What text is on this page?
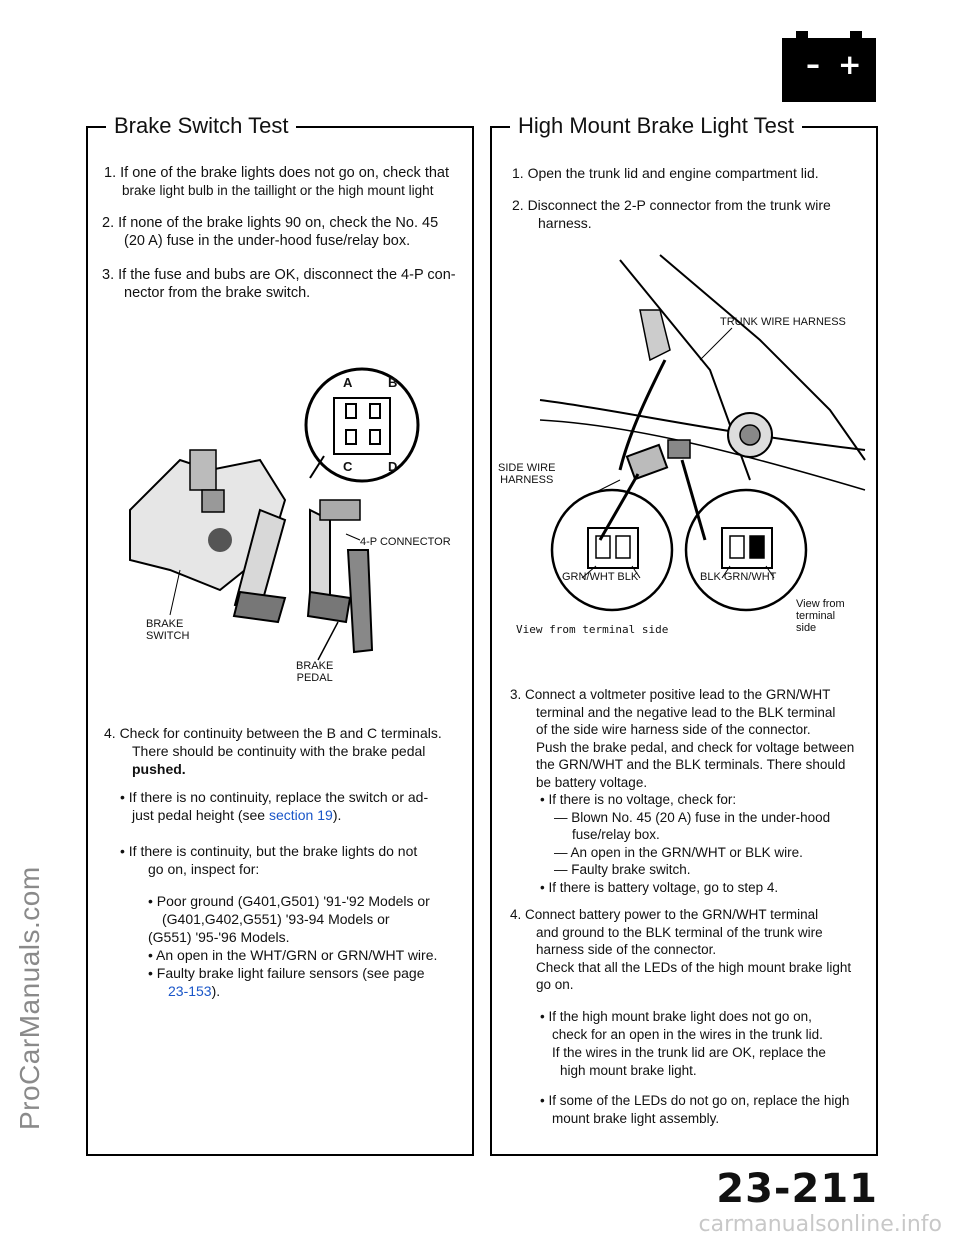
– +
ProCarManuals.com
Brake Switch Test
1. If one of the brake lights does not go on, check that
brake light bulb in the taillight or the high mount light
2. If none of the brake lights 90 on, check the No. 45
(20 A) fuse in the under-hood fuse/relay box.
3. If the fuse and bubs are OK, disconnect the 4-P con-
nector from the brake switch.
A	B
C	D
4-P CONNECTOR
BRAKE
SWITCH
BRAKE
PEDAL
4. Check for continuity between the B and C terminals.
There should be continuity with the brake pedal
pushed.
• If there is no continuity, replace the switch or ad-
just pedal height (see section 19).
• If there is continuity, but the brake lights do not
go on, inspect for:
• Poor ground (G401,G501) '91-'92 Models or
(G401,G402,G551) '93-94 Models or
(G551) '95-'96 Models.
• An open in the WHT/GRN or GRN/WHT wire.
• Faulty brake light failure sensors (see page
23-153).
High Mount Brake Light Test
1. Open the trunk lid and engine compartment lid.
2. Disconnect the 2-P connector from the trunk wire
harness.
TRUNK WIRE HARNESS
SIDE WIRE
HARNESS
GRN/WHT BLK	BLK GRN/WHT
View from terminal side
View from
terminal
side
3. Connect a voltmeter positive lead to the GRN/WHT
terminal and the negative lead to the BLK terminal
of the side wire harness side of the connector.
Push the brake pedal, and check for voltage between
the GRN/WHT and the BLK terminals. There should
be battery voltage.
• If there is no voltage, check for:
— Blown No. 45 (20 A) fuse in the under-hood
fuse/relay box.
— An open in the GRN/WHT or BLK wire.
— Faulty brake switch.
• If there is battery voltage, go to step 4.
4. Connect battery power to the GRN/WHT terminal
and ground to the BLK terminal of the trunk wire
harness side of the connector.
Check that all the LEDs of the high mount brake light
go on.
• If the high mount brake light does not go on,
check for an open in the wires in the trunk lid.
If the wires in the trunk lid are OK, replace the
high mount brake light.
• If some of the LEDs do not go on, replace the high
mount brake light assembly.
23-211
carmanualsonline.info
